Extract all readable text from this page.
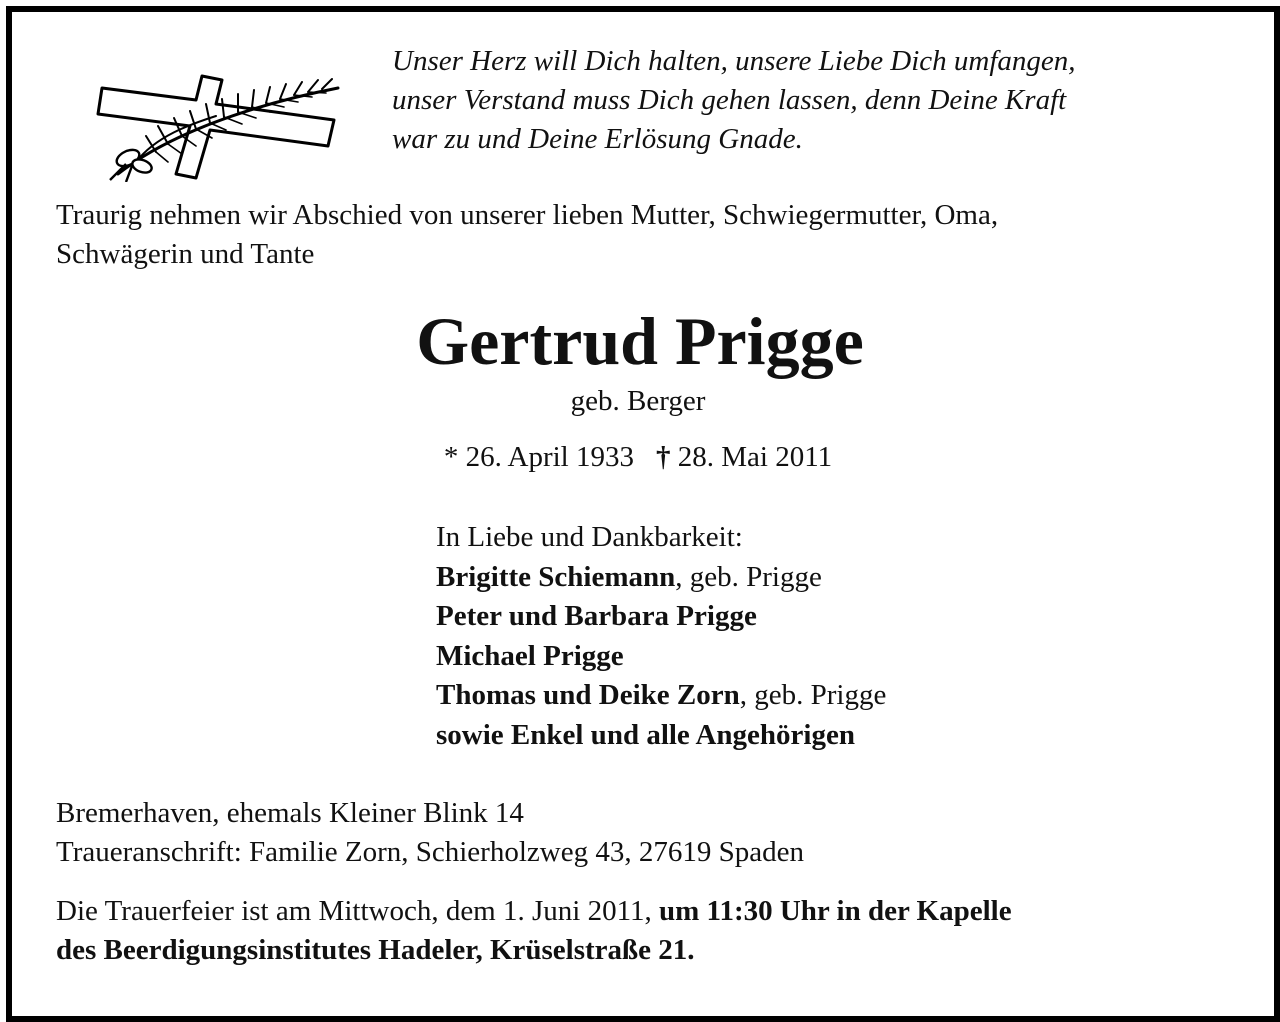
Unser Herz will Dich halten, unsere Liebe Dich umfangen,
unser Verstand muss Dich gehen lassen, denn Deine Kraft
war zu und Deine Erlösung Gnade.
Traurig nehmen wir Abschied von unserer lieben Mutter, Schwiegermutter, Oma,
Schwägerin und Tante
Gertrud Prigge
geb. Berger
* 26. April 1933 † 28. Mai 2011
In Liebe und Dankbarkeit:
Brigitte Schiemann, geb. Prigge
Peter und Barbara Prigge
Michael Prigge
Thomas und Deike Zorn, geb. Prigge
sowie Enkel und alle Angehörigen
Bremerhaven, ehemals Kleiner Blink 14
Traueranschrift: Familie Zorn, Schierholzweg 43, 27619 Spaden
Die Trauerfeier ist am Mittwoch, dem 1. Juni 2011, um 11:30 Uhr in der Kapelle
des Beerdigungsinstitutes Hadeler, Krüselstraße 21.
